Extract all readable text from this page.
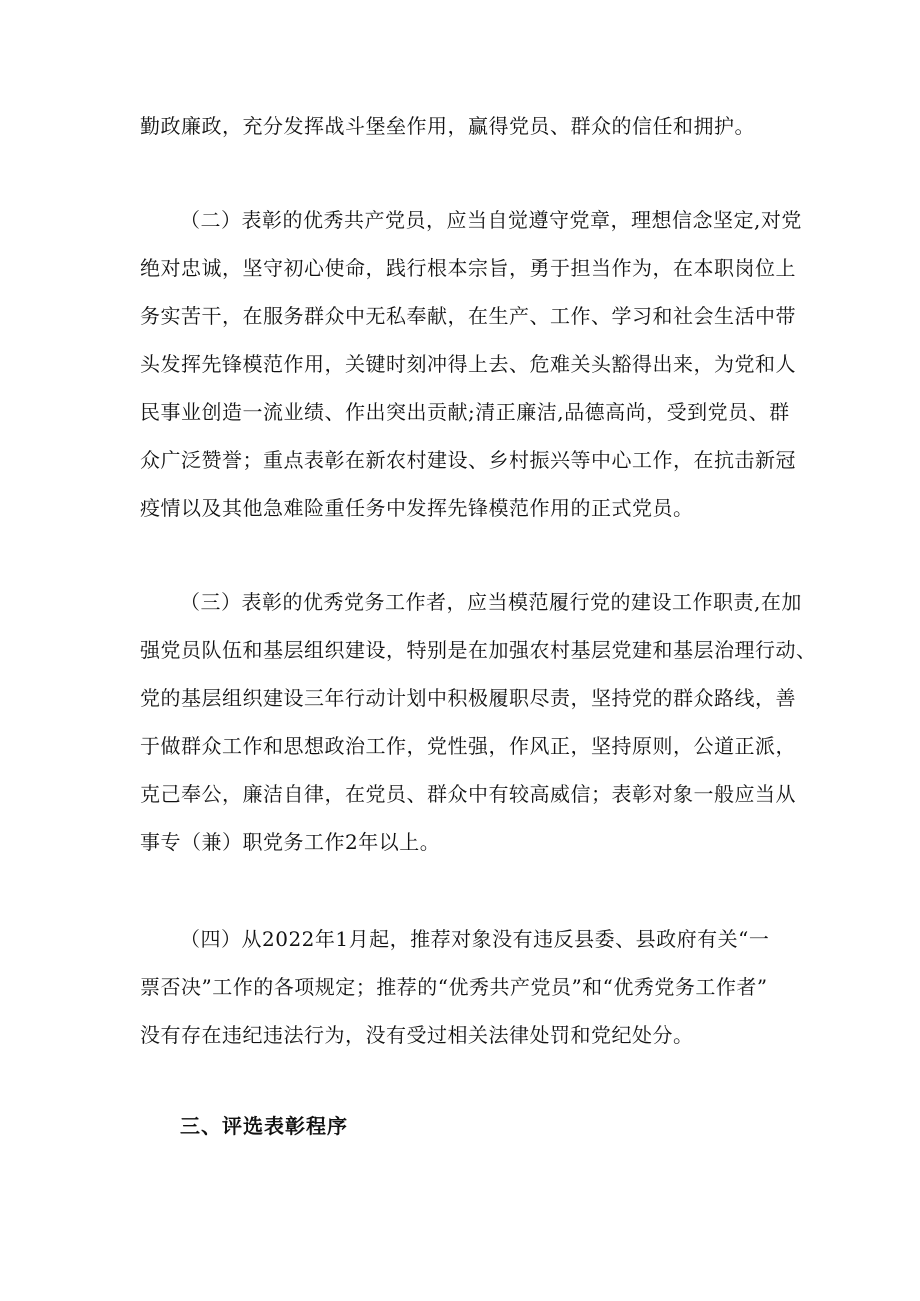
勤政廉政，充分发挥战斗堡垒作用，赢得党员、群众的信任和拥护。
（二）表彰的优秀共产党员，应当自觉遵守党章，理想信念坚定,对党
绝对忠诚，坚守初心使命，践行根本宗旨，勇于担当作为，在本职岗位上
务实苦干，在服务群众中无私奉献，在生产、工作、学习和社会生活中带
头发挥先锋模范作用，关键时刻冲得上去、危难关头豁得出来，为党和人
民事业创造一流业绩、作出突出贡献;清正廉洁,品德高尚，受到党员、群
众广泛赞誉；重点表彰在新农村建设、乡村振兴等中心工作，在抗击新冠
疫情以及其他急难险重任务中发挥先锋模范作用的正式党员。
（三）表彰的优秀党务工作者，应当模范履行党的建设工作职责,在加
强党员队伍和基层组织建设，特别是在加强农村基层党建和基层治理行动、
党的基层组织建设三年行动计划中积极履职尽责，坚持党的群众路线，善
于做群众工作和思想政治工作，党性强，作风正，坚持原则，公道正派，
克己奉公，廉洁自律，在党员、群众中有较高威信；表彰对象一般应当从
事专（兼）职党务工作2年以上。
（四）从2022年1月起，推荐对象没有违反县委、县政府有关“一
票否决”工作的各项规定；推荐的“优秀共产党员”和“优秀党务工作者”
没有存在违纪违法行为，没有受过相关法律处罚和党纪处分。
三、评选表彰程序
